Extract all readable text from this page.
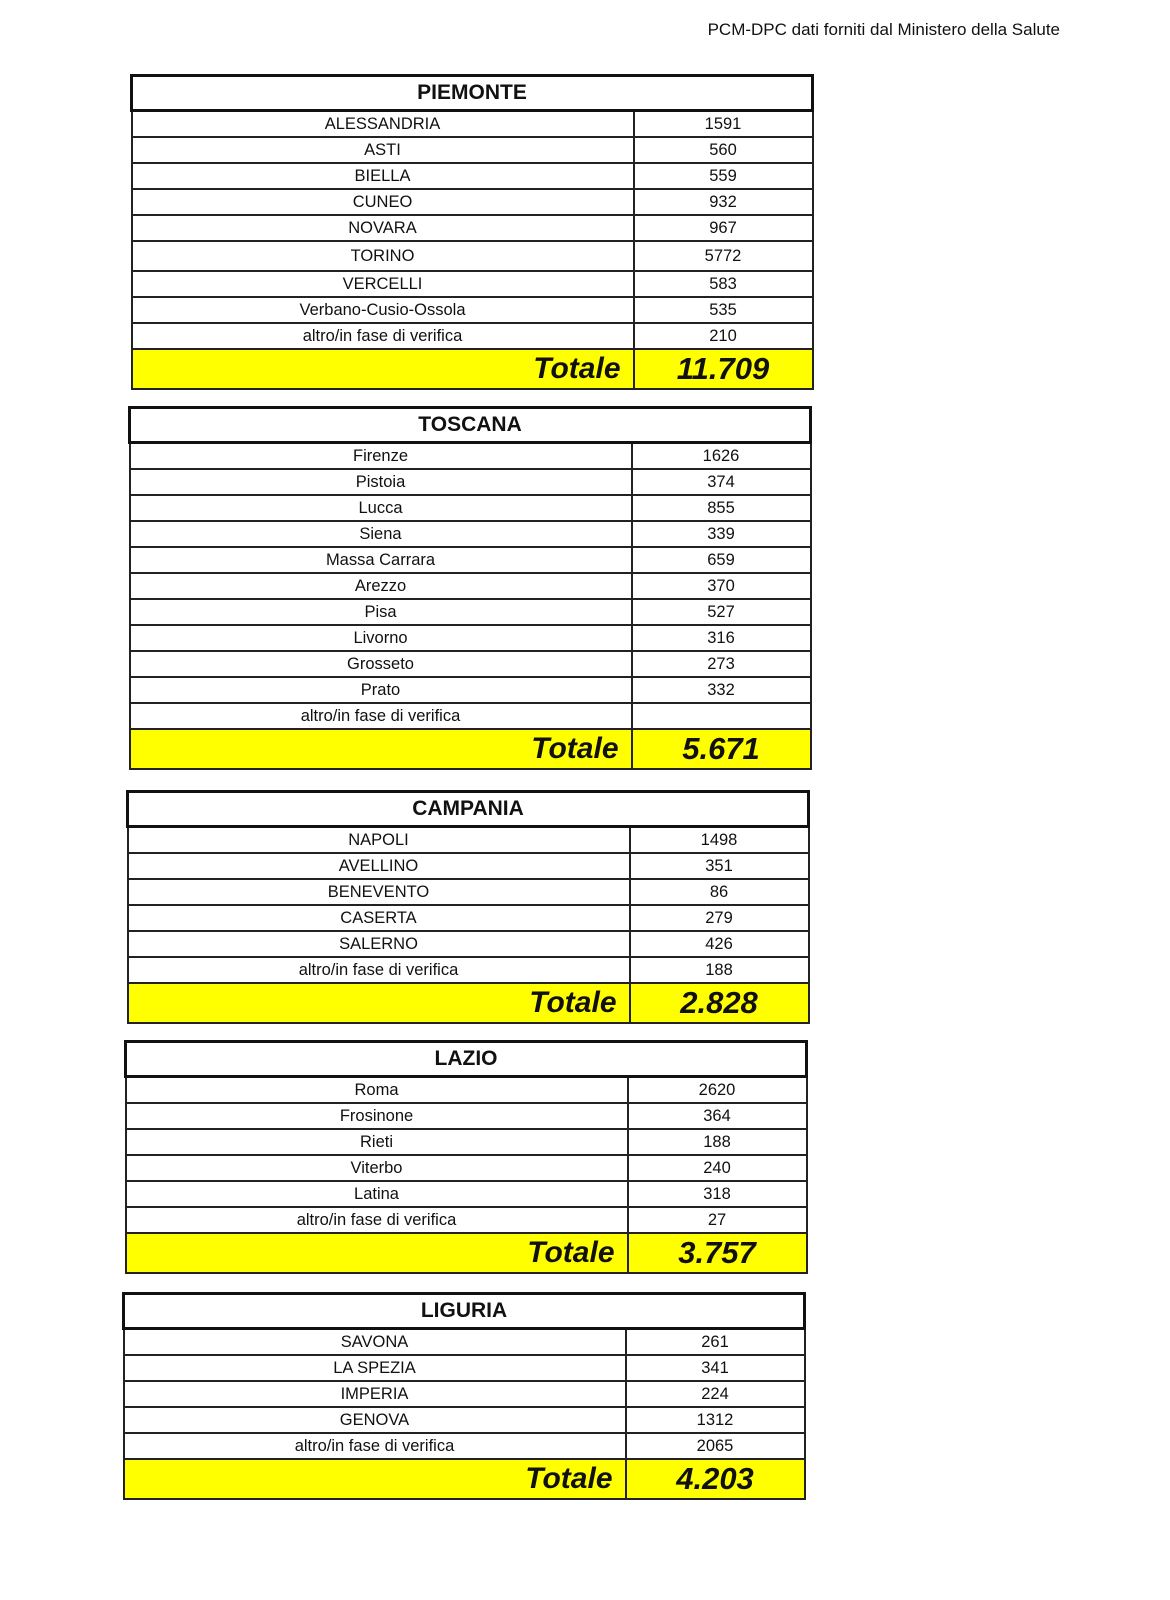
PCM-DPC dati forniti dal Ministero della Salute
PIEMONTE	
ALESSANDRIA	1591
ASTI	560
BIELLA	559
CUNEO	932
NOVARA	967
TORINO	5772
VERCELLI	583
Verbano-Cusio-Ossola	535
altro/in fase di verifica	210
Totale	11.709
TOSCANA	
Firenze	1626
Pistoia	374
Lucca	855
Siena	339
Massa Carrara	659
Arezzo	370
Pisa	527
Livorno	316
Grosseto	273
Prato	332
altro/in fase di verifica	
Totale	5.671
CAMPANIA	
NAPOLI	1498
AVELLINO	351
BENEVENTO	86
CASERTA	279
SALERNO	426
altro/in fase di verifica	188
Totale	2.828
LAZIO	
Roma	2620
Frosinone	364
Rieti	188
Viterbo	240
Latina	318
altro/in fase di verifica	27
Totale	3.757
LIGURIA	
SAVONA	261
LA SPEZIA	341
IMPERIA	224
GENOVA	1312
altro/in fase di verifica	2065
Totale	4.203
